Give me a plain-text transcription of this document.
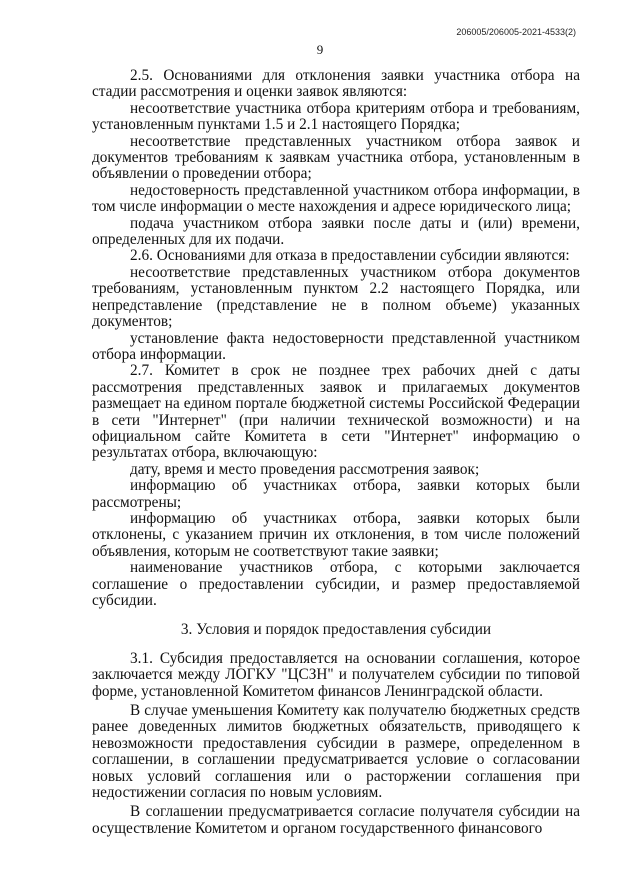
206005/206005-2021-4533(2)
9

2.5. Основаниями для отклонения заявки участника отбора на стадии рассмотрения и оценки заявок являются:

несоответствие участника отбора критериям отбора и требованиям, установленным пунктами 1.5 и 2.1 настоящего Порядка;

несоответствие представленных участником отбора заявок и документов требованиям к заявкам участника отбора, установленным в объявлении о проведении отбора;

недостоверность представленной участником отбора информации, в том числе информации о месте нахождения и адресе юридического лица;

подача участником отбора заявки после даты и (или) времени, определенных для их подачи.

2.6. Основаниями для отказа в предоставлении субсидии являются:

несоответствие представленных участником отбора документов требованиям, установленным пунктом 2.2 настоящего Порядка, или непредставление (представление не в полном объеме) указанных документов;

установление факта недостоверности представленной участником отбора информации.

2.7. Комитет в срок не позднее трех рабочих дней с даты рассмотрения представленных заявок и прилагаемых документов размещает на едином портале бюджетной системы Российской Федерации в сети "Интернет" (при наличии технической возможности) и на официальном сайте Комитета в сети "Интернет" информацию о результатах отбора, включающую:

дату, время и место проведения рассмотрения заявок;

информацию об участниках отбора, заявки которых были рассмотрены;

информацию об участниках отбора, заявки которых были отклонены, с указанием причин их отклонения, в том числе положений объявления, которым не соответствуют такие заявки;

наименование участников отбора, с которыми заключается соглашение о предоставлении субсидии, и размер предоставляемой субсидии.

3. Условия и порядок предоставления субсидии

3.1. Субсидия предоставляется на основании соглашения, которое заключается между ЛОГКУ "ЦСЗН" и получателем субсидии по типовой форме, установленной Комитетом финансов Ленинградской области.

В случае уменьшения Комитету как получателю бюджетных средств ранее доведенных лимитов бюджетных обязательств, приводящего к невозможности предоставления субсидии в размере, определенном в соглашении, в соглашении предусматривается условие о согласовании новых условий соглашения или о расторжении соглашения при недостижении согласия по новым условиям.

В соглашении предусматривается согласие получателя субсидии на осуществление Комитетом и органом государственного финансового
